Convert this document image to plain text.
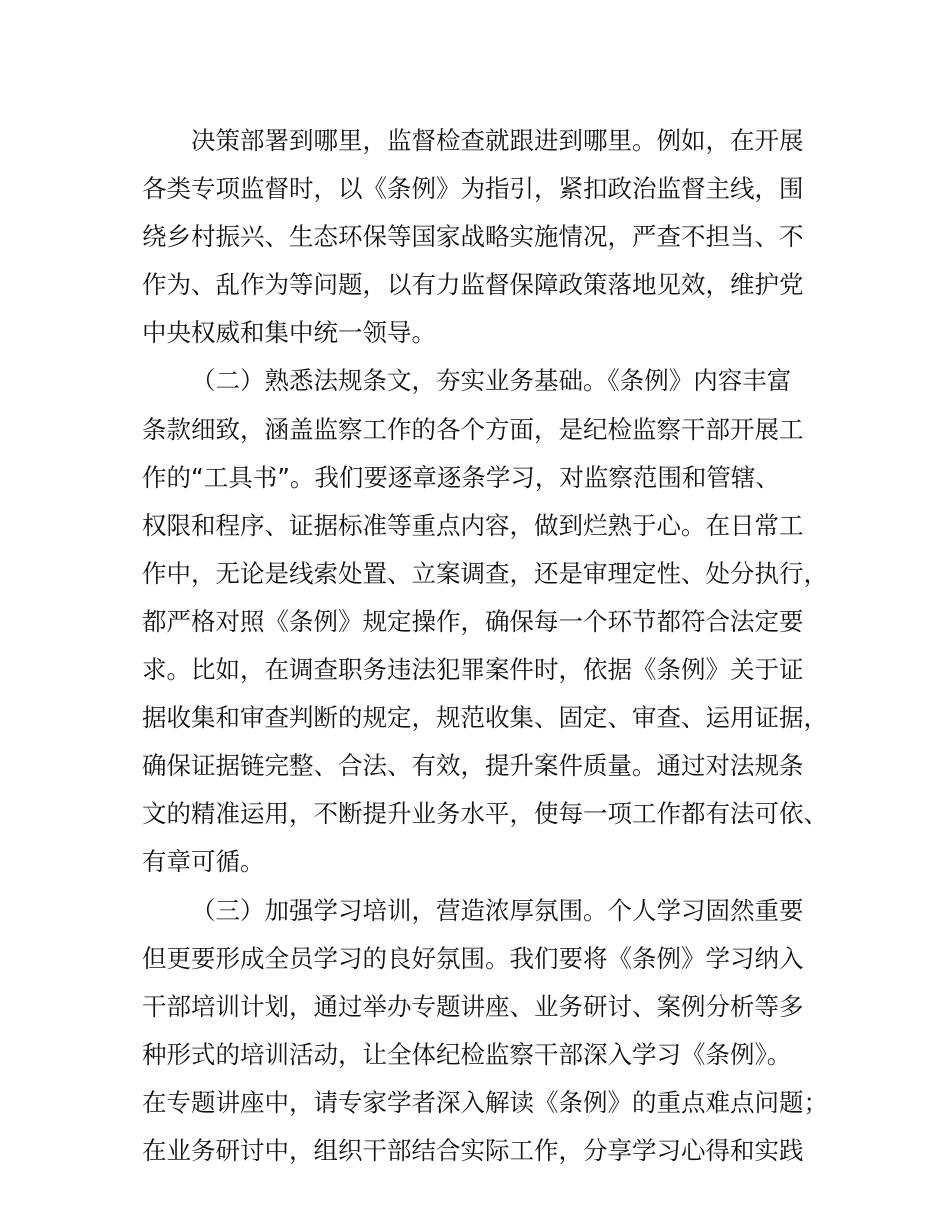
决策部署到哪里，监督检查就跟进到哪里。例如，在开展
各类专项监督时，以《条例》为指引，紧扣政治监督主线，围
绕乡村振兴、生态环保等国家战略实施情况，严查不担当、不
作为、乱作为等问题，以有力监督保障政策落地见效，维护党
中央权威和集中统一领导。
（二）熟悉法规条文，夯实业务基础。《条例》内容丰富
条款细致，涵盖监察工作的各个方面，是纪检监察干部开展工
作的“工具书”。我们要逐章逐条学习，对监察范围和管辖、
权限和程序、证据标准等重点内容，做到烂熟于心。在日常工
作中，无论是线索处置、立案调查，还是审理定性、处分执行，
都严格对照《条例》规定操作，确保每一个环节都符合法定要
求。比如，在调查职务违法犯罪案件时，依据《条例》关于证
据收集和审查判断的规定，规范收集、固定、审查、运用证据，
确保证据链完整、合法、有效，提升案件质量。通过对法规条
文的精准运用，不断提升业务水平，使每一项工作都有法可依、
有章可循。
（三）加强学习培训，营造浓厚氛围。个人学习固然重要
但更要形成全员学习的良好氛围。我们要将《条例》学习纳入
干部培训计划，通过举办专题讲座、业务研讨、案例分析等多
种形式的培训活动，让全体纪检监察干部深入学习《条例》。
在专题讲座中，请专家学者深入解读《条例》的重点难点问题；
在业务研讨中，组织干部结合实际工作，分享学习心得和实践
